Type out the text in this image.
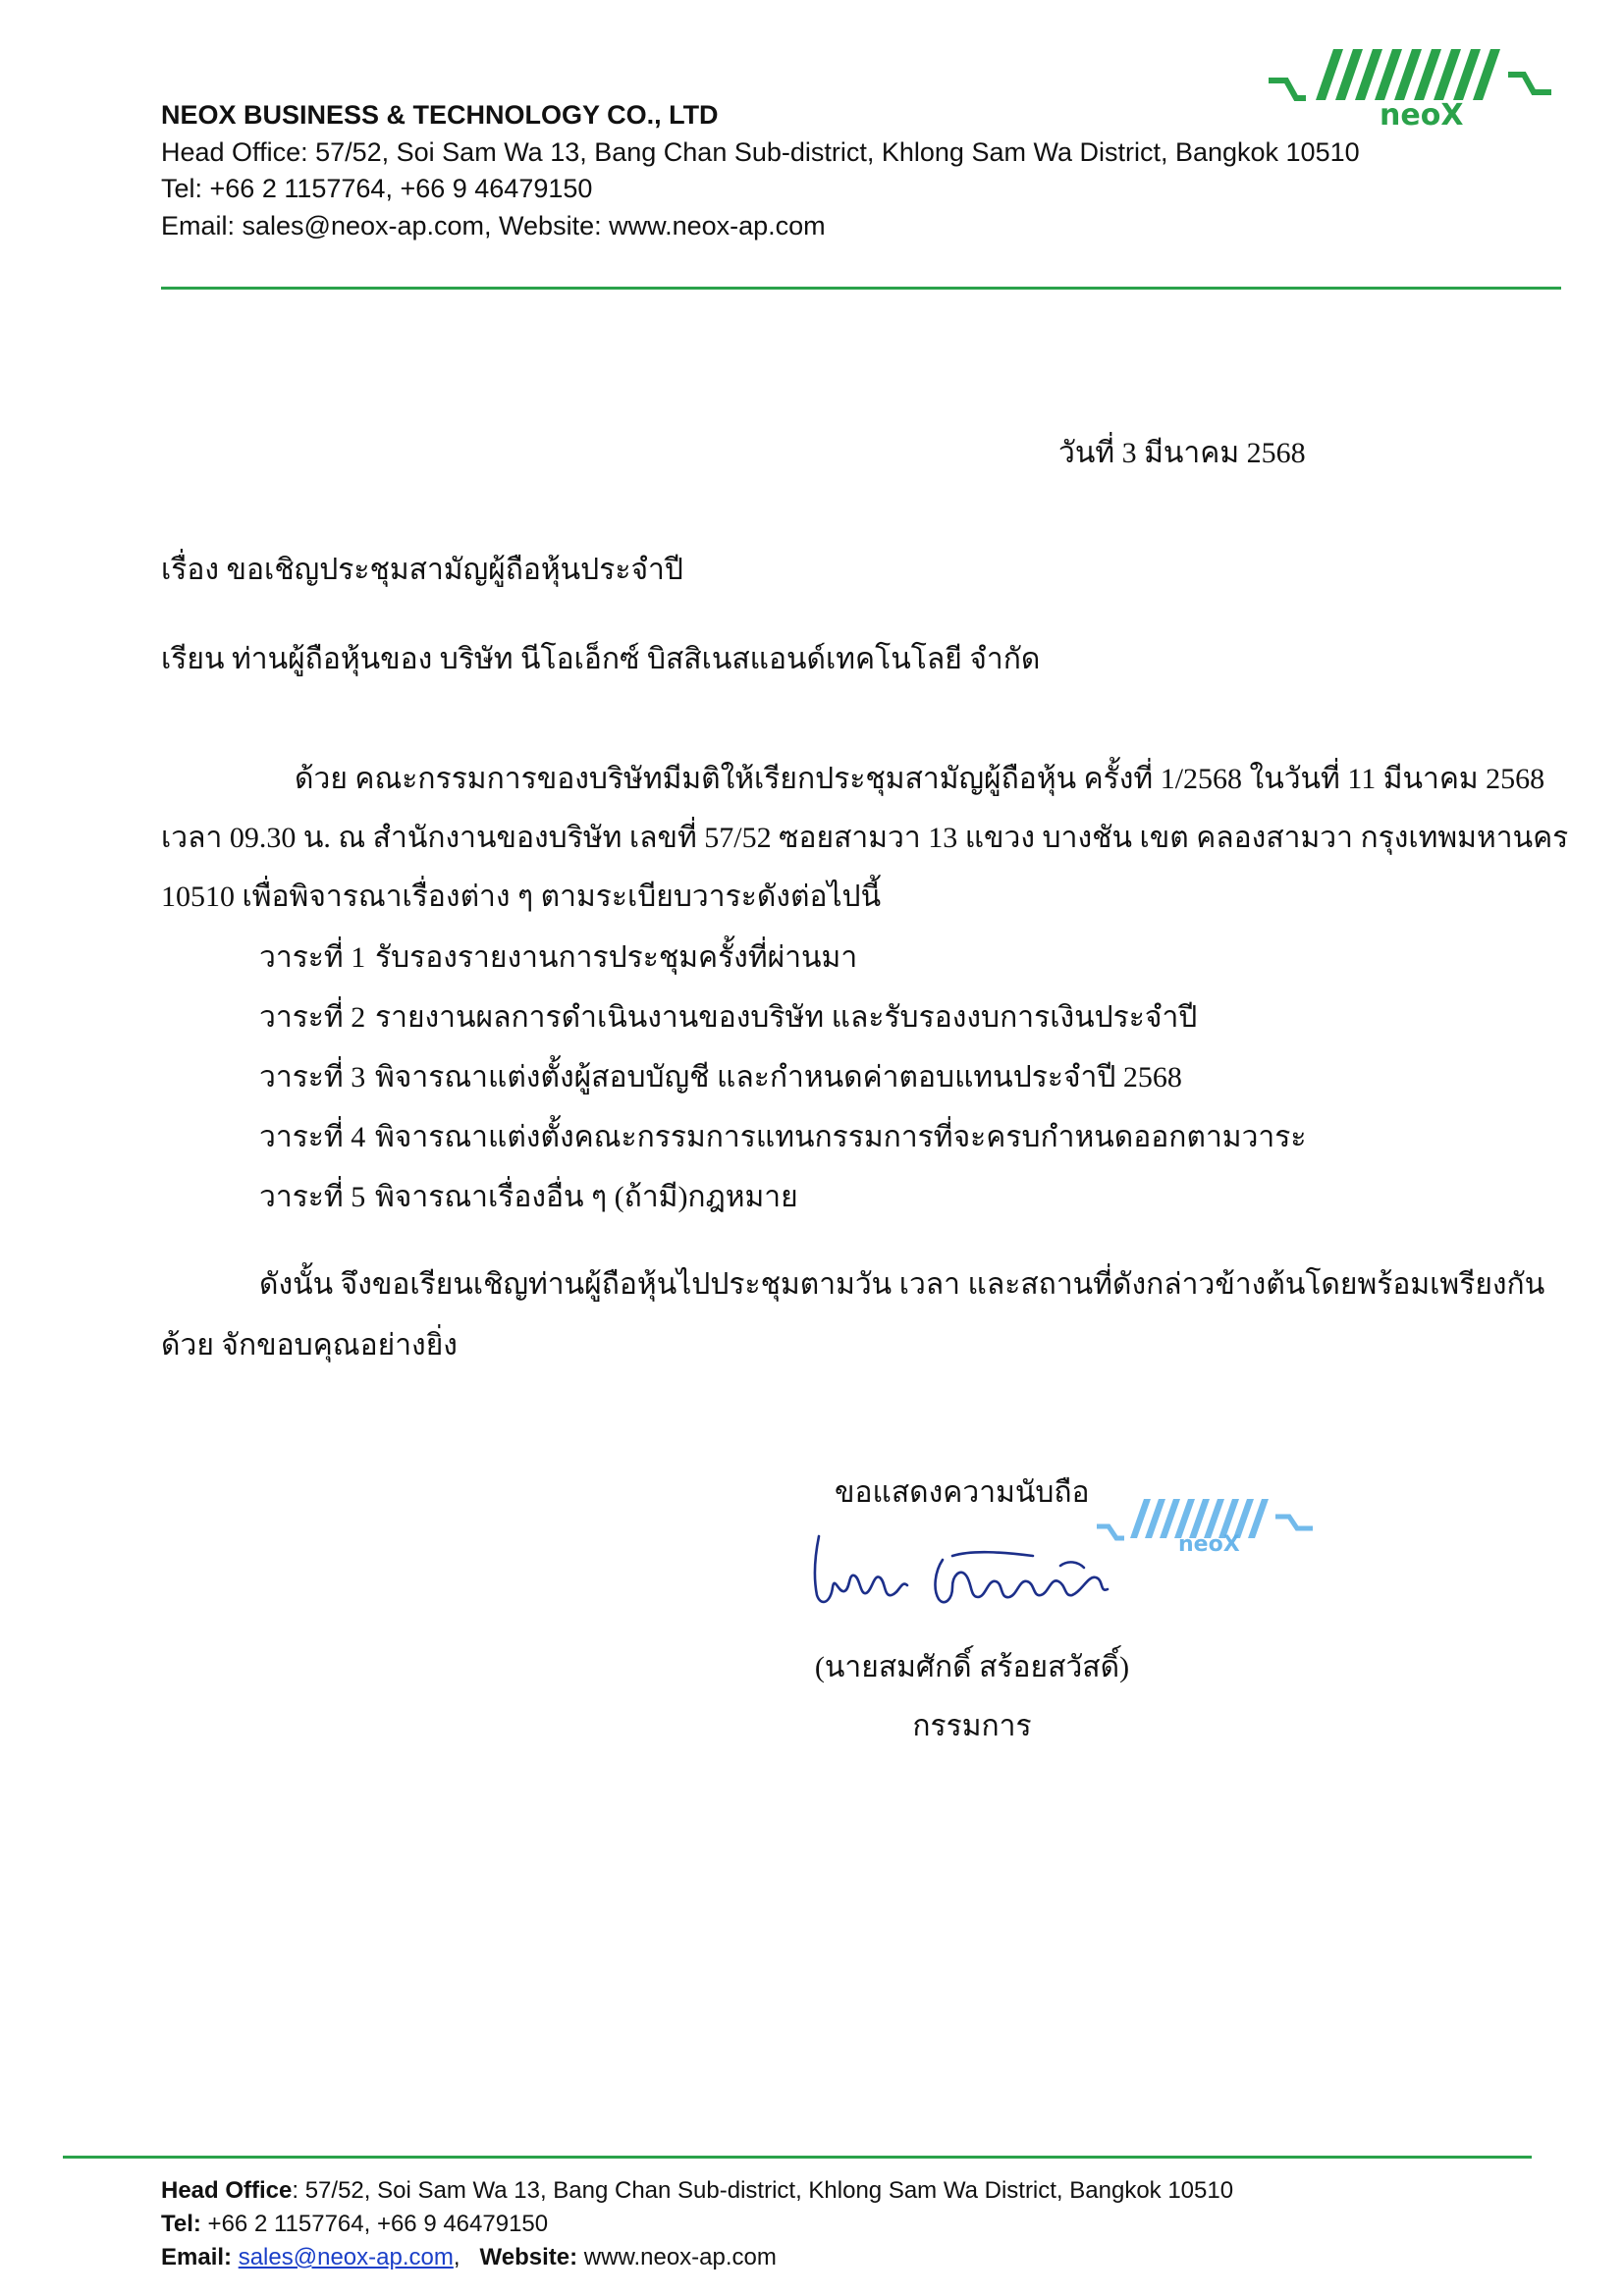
neoX
NEOX BUSINESS & TECHNOLOGY CO., LTD
Head Office: 57/52, Soi Sam Wa 13, Bang Chan Sub-district, Khlong Sam Wa District, Bangkok 10510
Tel: +66 2 1157764, +66 9 46479150
Email: sales@neox-ap.com, Website: www.neox-ap.com
วันที่ 3 มีนาคม 2568
เรื่อง ขอเชิญประชุมสามัญผู้ถือหุ้นประจำปี
เรียน ท่านผู้ถือหุ้นของ บริษัท นีโอเอ็กซ์ บิสสิเนสแอนด์เทคโนโลยี จำกัด
ด้วย คณะกรรมการของบริษัทมีมติให้เรียกประชุมสามัญผู้ถือหุ้น ครั้งที่ 1/2568 ในวันที่ 11 มีนาคม 2568
เวลา 09.30 น. ณ สำนักงานของบริษัท เลขที่ 57/52 ซอยสามวา 13 แขวง บางชัน เขต คลองสามวา กรุงเทพมหานคร
10510 เพื่อพิจารณาเรื่องต่าง ๆ ตามระเบียบวาระดังต่อไปนี้
วาระที่ 1 รับรองรายงานการประชุมครั้งที่ผ่านมา
วาระที่ 2 รายงานผลการดำเนินงานของบริษัท และรับรองงบการเงินประจำปี
วาระที่ 3 พิจารณาแต่งตั้งผู้สอบบัญชี และกำหนดค่าตอบแทนประจำปี 2568
วาระที่ 4 พิจารณาแต่งตั้งคณะกรรมการแทนกรรมการที่จะครบกำหนดออกตามวาระ
วาระที่ 5 พิจารณาเรื่องอื่น ๆ (ถ้ามี)กฎหมาย
ดังนั้น จึงขอเรียนเชิญท่านผู้ถือหุ้นไปประชุมตามวัน เวลา และสถานที่ดังกล่าวข้างต้นโดยพร้อมเพรียงกัน
ด้วย จักขอบคุณอย่างยิ่ง
ขอแสดงความนับถือ
neoX
(นายสมศักดิ์ สร้อยสวัสดิ์)
กรรมการ
Head Office: 57/52, Soi Sam Wa 13, Bang Chan Sub-district, Khlong Sam Wa District, Bangkok 10510
Tel: +66 2 1157764, +66 9 46479150
Email: sales@neox-ap.com, Website: www.neox-ap.com
